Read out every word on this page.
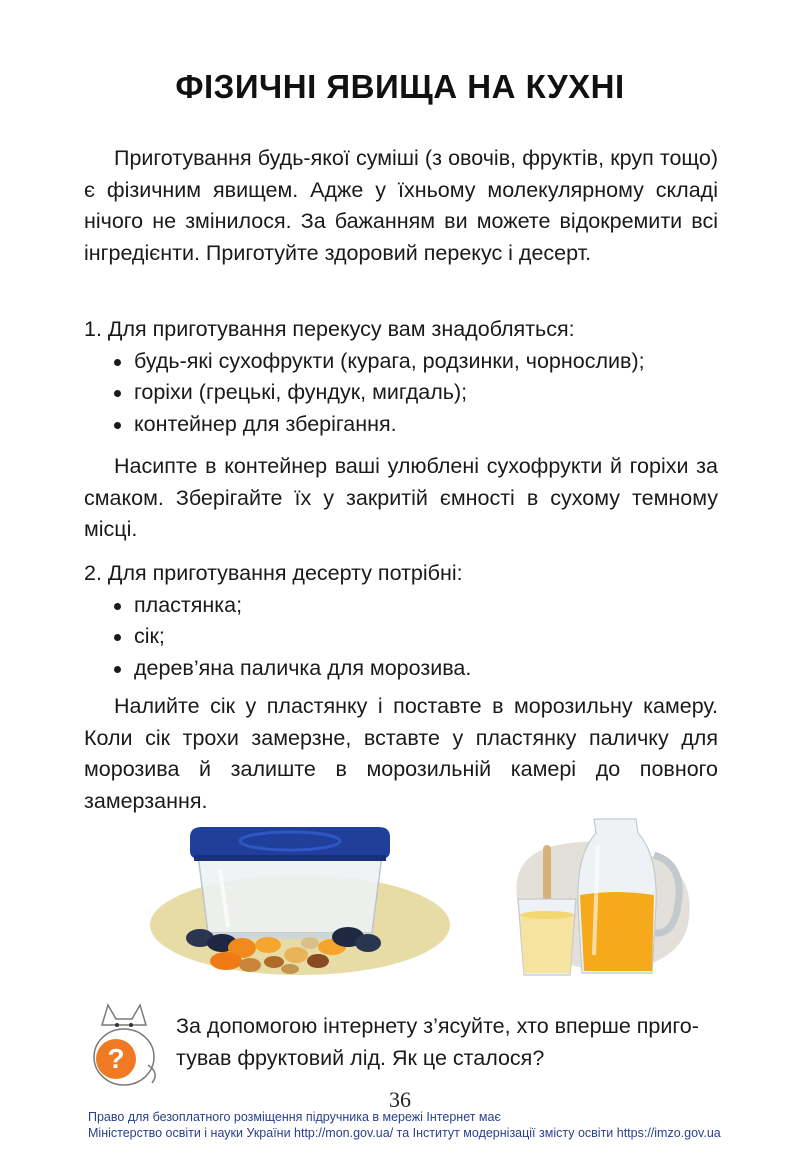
ФІЗИЧНІ ЯВИЩА НА КУХНІ

Приготування будь-якої суміші (з овочів, фруктів, круп тощо) є фізичним явищем. Адже у їхньому молекулярному складі нічого не змінилося. За бажанням ви можете відокремити всі інгредієнти. Приготуйте здоровий перекус і десерт.

1. Для приготування перекусу вам знадобляться:

будь-які сухофрукти (курага, родзинки, чорнослив);
горіхи (грецькі, фундук, мигдаль);
контейнер для зберігання.

Насипте в контейнер ваші улюблені сухофрукти й горіхи за смаком. Зберігайте їх у закритій ємності в сухому темному місці.

2. Для приготування десерту потрібні:

пластянка;
сік;
дерев’яна паличка для морозива.

Налийте сік у пластянку і поставте в морозильну камеру. Коли сік трохи замерзне, вставте у пластянку паличку для морозива й залиште в морозильній камері до повного замерзання.

?

За допомогою інтернету з’ясуйте, хто вперше приготував фруктовий лід. Як це сталося?

36
Право для безоплатного розміщення підручника в мережі Інтернет має
Міністерство освіти і науки України http://mon.gov.ua/ та Інститут модернізації змісту освіти https://imzo.gov.ua
